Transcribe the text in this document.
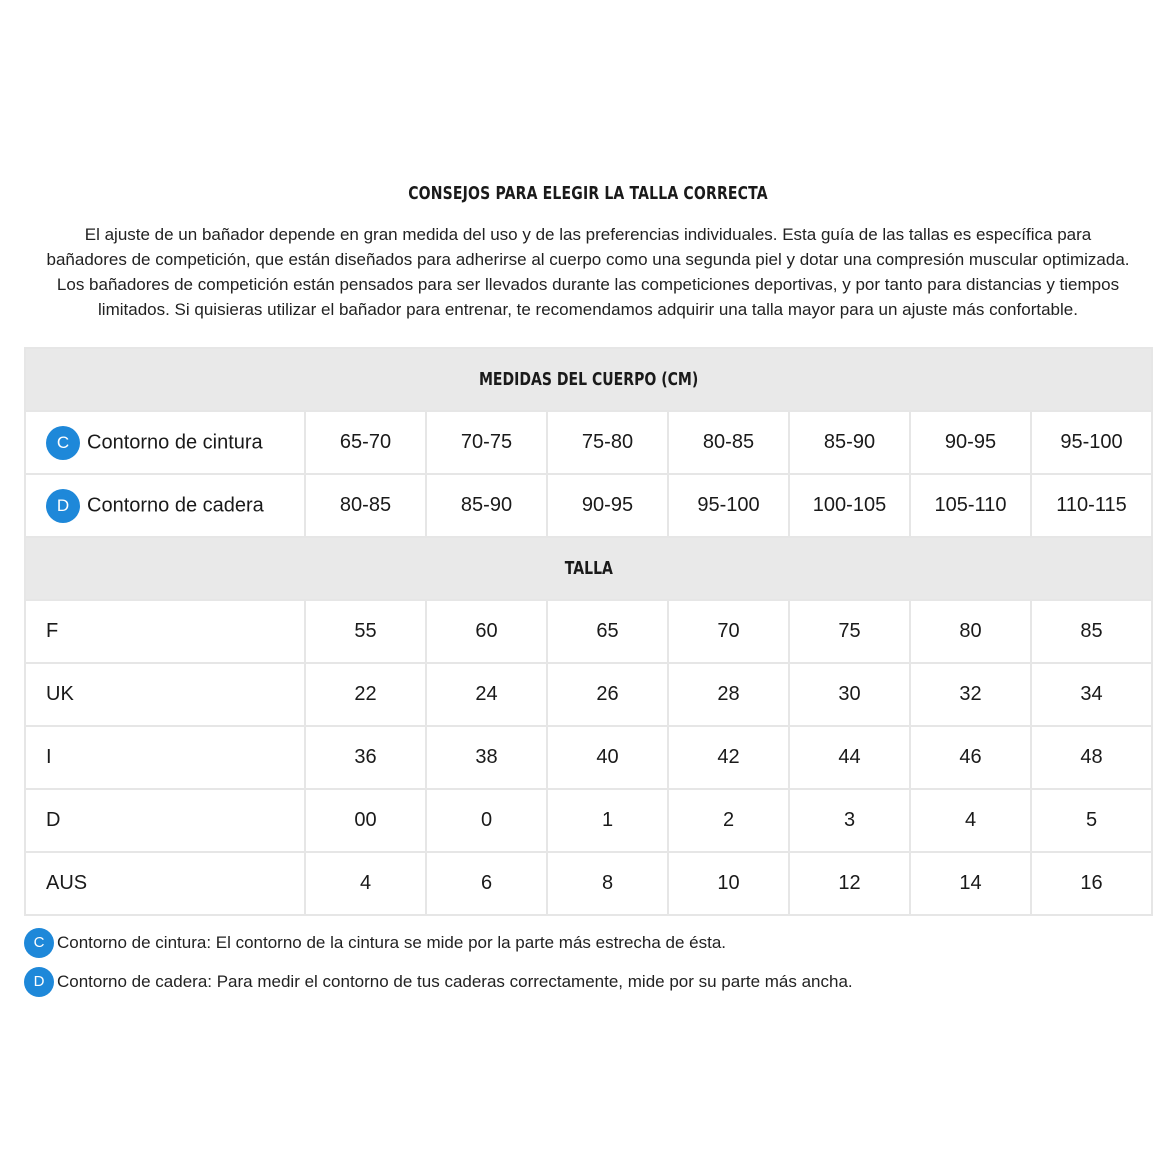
CONSEJOS PARA ELEGIR LA TALLA CORRECTA
El ajuste de un bañador depende en gran medida del uso y de las preferencias individuales. Esta guía de las tallas es específica para
bañadores de competición, que están diseñados para adherirse al cuerpo como una segunda piel y dotar una compresión muscular optimizada.
Los bañadores de competición están pensados para ser llevados durante las competiciones deportivas, y por tanto para distancias y tiempos
limitados. Si quisieras utilizar el bañador para entrenar, te recomendamos adquirir una talla mayor para un ajuste más confortable.
MEDIDAS DEL CUERPO (CM)							
C Contorno de cintura	65-70	70-75	75-80	80-85	85-90	90-95	95-100
D Contorno de cadera	80-85	85-90	90-95	95-100	100-105	105-110	110-115
TALLA							
F	55	60	65	70	75	80	85
UK	22	24	26	28	30	32	34
I	36	38	40	42	44	46	48
D	00	0	1	2	3	4	5
AUS	4	6	8	10	12	14	16
C Contorno de cintura: El contorno de la cintura se mide por la parte más estrecha de ésta.
D Contorno de cadera: Para medir el contorno de tus caderas correctamente, mide por su parte más ancha.
